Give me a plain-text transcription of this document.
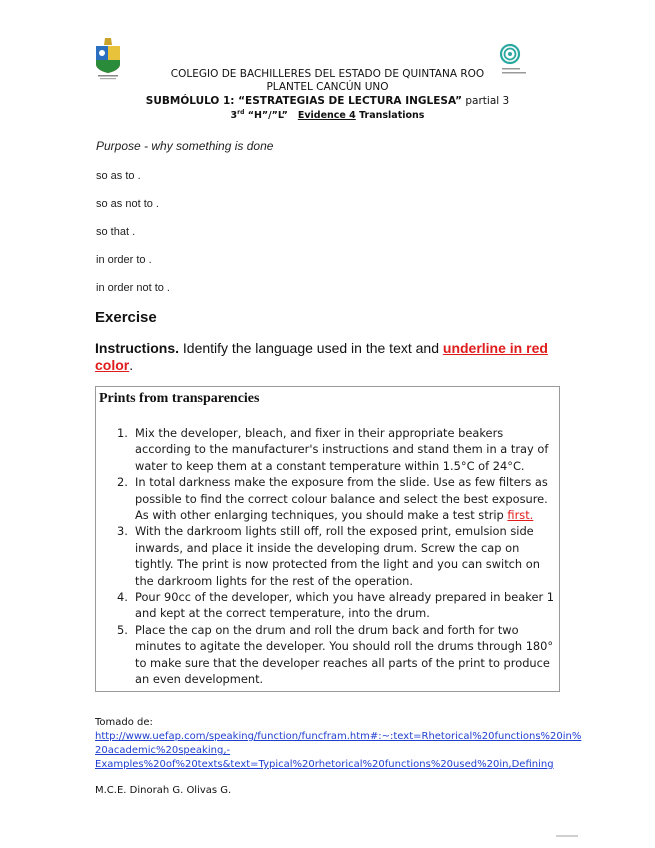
COLEGIO DE BACHILLERES DEL ESTADO DE QUINTANA ROO
PLANTEL CANCÚN UNO
SUBMÓLULO 1: “ESTRATEGIAS DE LECTURA INGLESA” partial 3
3rd “H”/”L” Evidence 4 Translations
Purpose - why something is done
so as to .
so as not to .
so that .
in order to .
in order not to .
Exercise
Instructions. Identify the language used in the text and underline in red color.
Prints from transparencies
1. Mix the developer, bleach, and fixer in their appropriate beakers according to the manufacturer's instructions and stand them in a tray of water to keep them at a constant temperature within 1.5°C of 24°C.
2. In total darkness make the exposure from the slide. Use as few filters as possible to find the correct colour balance and select the best exposure. As with other enlarging techniques, you should make a test strip first.
3. With the darkroom lights still off, roll the exposed print, emulsion side inwards, and place it inside the developing drum. Screw the cap on tightly. The print is now protected from the light and you can switch on the darkroom lights for the rest of the operation.
4. Pour 90cc of the developer, which you have already prepared in beaker 1 and kept at the correct temperature, into the drum.
5. Place the cap on the drum and roll the drum back and forth for two minutes to agitate the developer. You should roll the drums through 180° to make sure that the developer reaches all parts of the print to produce an even development.
Tomado de:
http://www.uefap.com/speaking/function/funcfram.htm#:~:text=Rhetorical%20functions%20in%
20academic%20speaking,-
Examples%20of%20texts&text=Typical%20rhetorical%20functions%20used%20in,Defining
M.C.E. Dinorah G. Olivas G.
